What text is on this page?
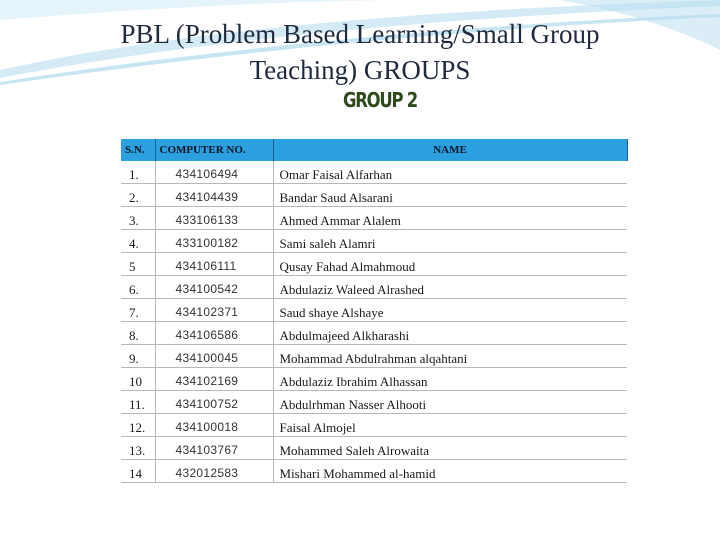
PBL (Problem Based Learning/Small Group
Teaching) GROUPS
GROUP 2
S.N.	COMPUTER NO.	NAME
1.	434106494	Omar Faisal Alfarhan
2.	434104439	Bandar Saud Alsarani
3.	433106133	Ahmed Ammar Alalem
4.	433100182	Sami saleh Alamri
5	434106111	Qusay Fahad Almahmoud
6.	434100542	Abdulaziz Waleed Alrashed
7.	434102371	Saud shaye Alshaye
8.	434106586	Abdulmajeed Alkharashi
9.	434100045	Mohammad Abdulrahman alqahtani
10	434102169	Abdulaziz Ibrahim Alhassan
11.	434100752	Abdulrhman Nasser Alhooti
12.	434100018	Faisal Almojel
13.	434103767	Mohammed Saleh Alrowaita
14	432012583	Mishari Mohammed al-hamid
